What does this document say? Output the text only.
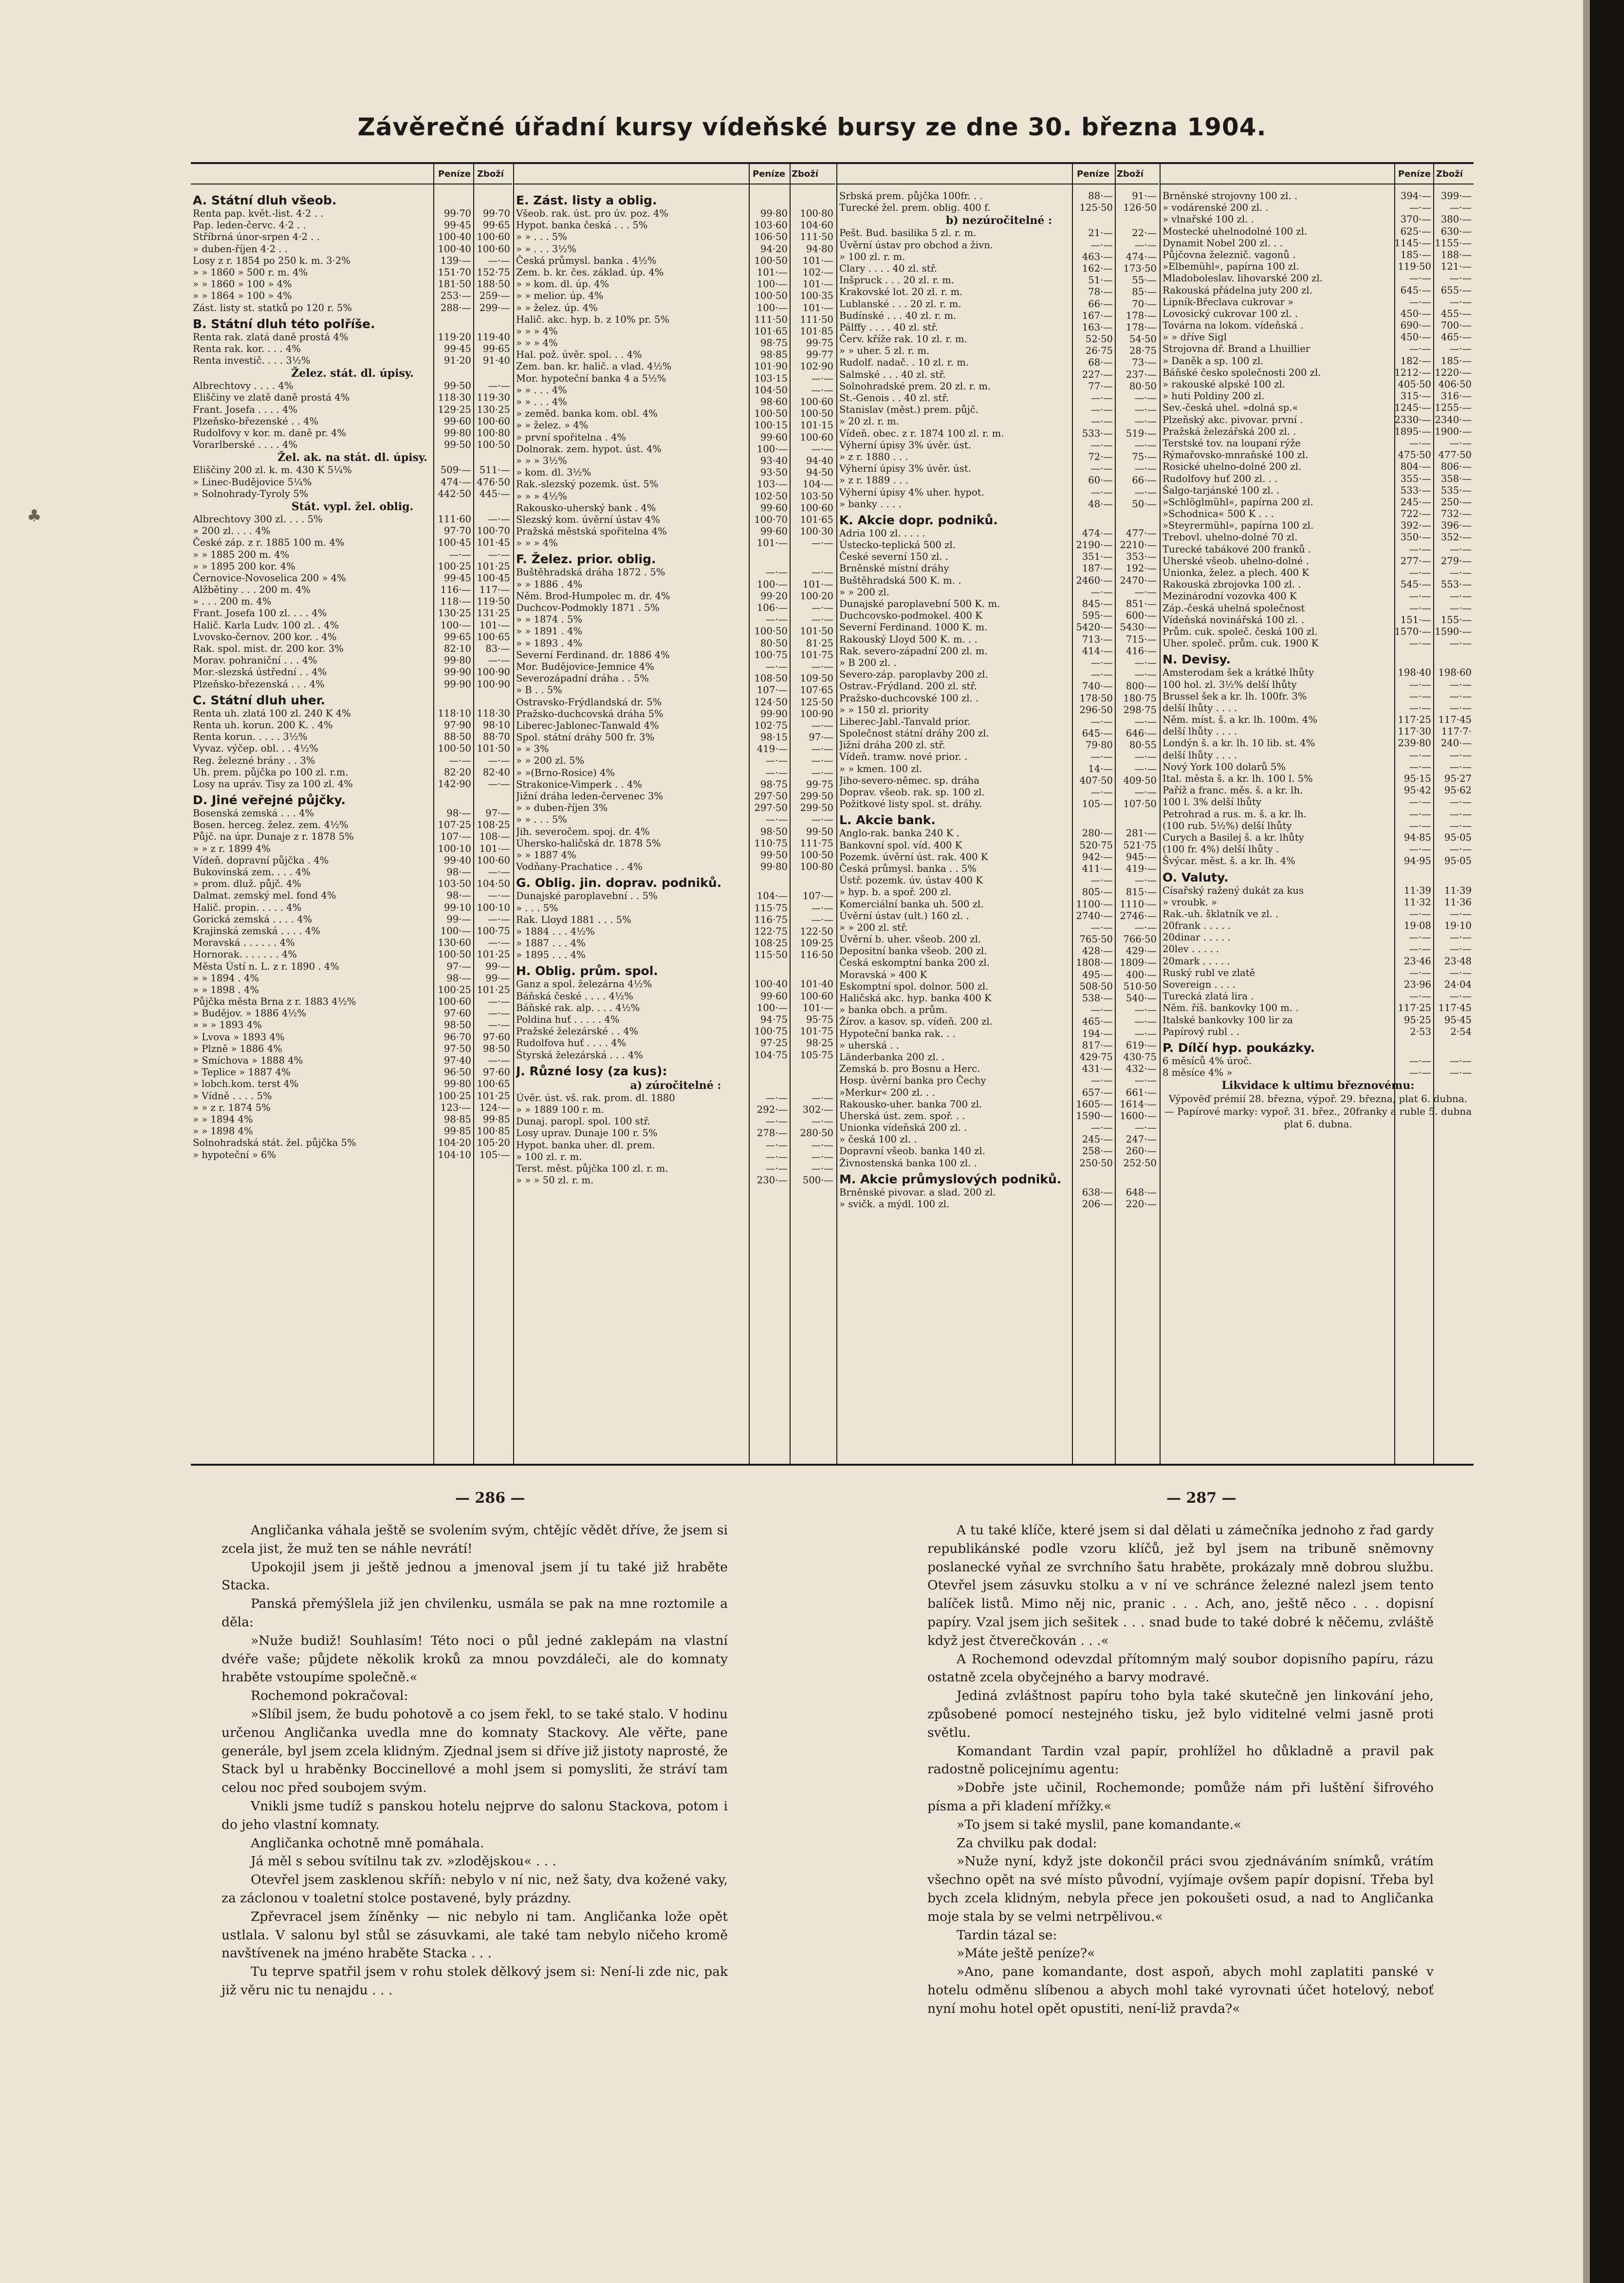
♣
Závěrečné úřadní kursy vídeňské bursy ze dne 30. března 1904.
Peníze Zboží	Peníze Zboží	Peníze Zboží	Peníze Zboží
A. Státní dluh všeob.
Renta pap. květ.-list. 4·2 . .	99·70	99·70
Pap. leden-červc. 4·2 . .	99·45	99·65
Stříbrná únor-srpen 4·2 . .	100·40 100·60
» duben-říjen 4·2 . .	100·40 100·60
Losy z r. 1854 po 250 k. m. 3·2%	139·—	—·—
» » 1860 » 500 r. m. 4%	151·70 152·75
» » 1860 » 100 » 4%	181·50 188·50
» » 1864 » 100 » 4%	253·— 259·—
Zást. listy st. statků po 120 r. 5%	288·— 299·—
B. Státní dluh této polříše.
Renta rak. zlatá daně prostá 4%	119·20 119·40
Renta rak. kor. . . . 4%	99·45	99·65
Renta investič. . . . 3½%	91·20	91·40
Želez. stát. dl. úpisy.
Albrechtovy . . . . 4%	99·50	—·—
Eliščiny ve zlatě daně prostá 4%	118·30 119·30
Frant. Josefa . . . . 4%	129·25 130·25
Plzeňsko-březenské . . 4%	99·60 100·60
Rudolfovy v kor. m. daně pr. 4%	99·80 100·80
Vorarlberské . . . . 4%	99·50 100·50
Žel. ak. na stát. dl. úpisy.
Eliščiny 200 zl. k. m. 430 K 5¼%	509·— 511·—
» Linec-Budějovice 5¼%	474·— 476·50
» Solnohrady-Tyroly 5%	442·50 445·—
Stát. vypl. žel. oblig.
Albrechtovy 300 zl. . . . 5%	111·60	—·—
» 200 zl. . . . 4%	97·70 100·70
České záp. z r. 1885 100 m. 4%	100·45 101·45
» » 1885 200 m. 4%	—·—	—·—
» » 1895 200 kor. 4%	100·25 101·25
Černovice-Novoselica 200 » 4%	99·45 100·45
Alžbětiny . . . 200 m. 4%	116·— 117·—
» . . . 200 m. 4%	118·— 119·50
Frant. Josefa 100 zl. . . . 4%	130·25 131·25
Halič. Karla Ludv. 100 zl. . 4%	100·— 101·—
Lvovsko-černov. 200 kor. . 4%	99·65 100·65
Rak. spol. mist. dr. 200 kor. 3%	82·10	83·—
Morav. pohraniční . . . 4%	99·80	—·—
Mor.-slezská ústřední . . 4%	99·90 100·90
Plzeňsko-březenská . . . 4%	99·90 100·90
C. Státní dluh uher.
Renta uh. zlatá 100 zl. 240 K 4%	118·10 118·30
Renta uh. korun. 200 K. . 4%	97·90	98·10
Renta korun. . . . . 3½%	88·50	88·70
Vyvaz. výčep. obl. . . 4½%	100·50 101·50
Reg. železné brány . . 3%	—·—	—·—
Uh. prem. půjčka po 100 zl. r.m.	82·20	82·40
Losy na upráv. Tisy za 100 zl. 4%	142·90	—·—
D. Jiné veřejné půjčky.
Bosenská zemská . . . 4%	98·—	97·—
Bosen. herceg. želez. zem. 4½%	107·25 108·25
Půjč. na úpr. Dunaje z r. 1878 5%	107·— 108·—
» » z r. 1899 4%	100·10 101·—
Vídeň. dopravní půjčka . 4%	99·40 100·60
Bukovinská zem. . . . 4%	98·—	—·—
» prom. dluž. půjč. 4%	103·50 104·50
Dalmat. zemský mel. fond 4%	98·—	—·—
Halič. propin. . . . . 4%	99·10 100·10
Gorická zemská . . . . 4%	99·—	—·—
Krajinská zemská . . . . 4%	100·— 100·75
Moravská . . . . . . 4%	130·60	—·—
Hornorak. . . . . . . 4%	100·50 101·25
Města Ústí n. L. z r. 1890 . 4%	97·—	99·—
» » 1894 . 4%	98·—	99·—
» » 1898 . 4%	100·25 101·25
Půjčka města Brna z r. 1883 4½%	100·60	—·—
» Budějov. » 1886 4½%	97·60	—·—
» » » 1893 4%	98·50	—·—
» Lvova » 1893 4%	96·70	97·60
» Plzně » 1886 4%	97·50	98·50
» Smíchova » 1888 4%	97·40	—·—
» Teplice » 1887 4%	96·50	97·60
» lobch.kom. terst 4%	99·80 100·65
» Vídně . . . . 5%	100·25 101·25
» » z r. 1874 5%	123·— 124·—
» » 1894 4%	98·85	99·85
» » 1898 4%	99·85 100·85
Solnohradská stát. žel. půjčka 5%	104·20 105·20
» hypoteční » 6%	104·10 105·—
E. Zást. listy a oblig.
Všeob. rak. úst. pro úv. poz. 4%	99·80	100·80
Hypot. banka česká . . . 5%	103·60	104·60
» » . . . 5%	106·50	111·50
» » . . . 3½%	94·20	94·80
Česká průmysl. banka . 4½%	100·50	101·—
Zem. b. kr. čes. základ. úp. 4%	101·—	102·—
» » kom. dl. úp. 4%	100·—	101·—
» » melior. úp. 4%	100·50	100·35
» » želez. úp. 4%	100·—	101·—
Halič. akc. hyp. b. z 10% pr. 5%	111·50	111·50
» » » 4%	101·65	101·85
» » » 4%	98·75	99·75
Hal. pož. úvěr. spol. . . 4%	98·85	99·77
Zem. ban. kr. halič. a vlad. 4½%	101·90	102·90
Mor. hypoteční banka 4 a 5½%	103·15	—·—
» » . . . 4%	104·50	—·—
» » . . . 4%	98·60	100·60
» zeměd. banka kom. obl. 4%	100·50	100·50
» » želez. » 4%	100·15	101·15
» první spořitelna . 4%	99·60	100·60
Dolnorak. zem. hypot. úst. 4%	100·—	—·—
» » » 3½%	93·40	94·40
» kom. dl. 3½%	93·50	94·50
Rak.-slezský pozemk. úst. 5%	103·—	104·—
» » » 4½%	102·50	103·50
Rakousko-uherský bank . 4%	99·60	100·60
Slezský kom. úvěrní ústav 4%	100·70	101·65
Pražská městská spořitelna 4%	99·60	100·30
» » » 4%	101·—	—·—
F. Želez. prior. oblig.
Buštěhradská dráha 1872 . 5%	—·—	—·—
» » 1886 . 4%	100·—	101·—
Něm. Brod-Humpolec m. dr. 4%	99·20	100·20
Duchcov-Podmokly 1871 . 5%	106·—	—·—
» » 1874 . 5%	—·—	—·—
» » 1891 . 4%	100·50	101·50
» » 1893 . 4%	80·50	81·25
Severní Ferdinand. dr. 1886 4%	100·75	101·75
Mor. Budějovice-Jemnice 4%	—·—	—·—
Severozápadní dráha . . 5%	108·50	109·50
» B . . 5%	107·—	107·65
Ostravsko-Frýdlandská dr. 5%	124·50	125·50
Pražsko-duchcovská dráha 5%	99·90	100·90
Liberec-Jablonec-Tanwald 4%	102·75	—·—
Spol. státní dráhy 500 fr. 3%	98·15	97·—
» » 3%	419·—	—·—
» » 200 zl. 5%	—·—	—·—
» »(Brno-Rosice) 4%	—·—	—·—
Strakonice-Vimperk . . 4%	98·75	99·75
Jižní dráha leden-červenec 3%	297·50	299·50
» » duben-říjen 3%	297·50	299·50
» » . . . 5%	—·—	—·—
Jih. severočem. spoj. dr. 4%	98·50	99·50
Úhersko-haličská dr. 1878 5%	110·75	111·75
» » 1887 4%	99·50	100·50
Vodňany-Prachatice . . 4%	99·80	100·80
G. Oblig. jin. doprav. podniků.
Dunajské paroplavební . . 5%	104·—	107·—
» . . . 5%	115·75	—·—
Rak. Lloyd 1881 . . . 5%	116·75	—·—
» 1884 . . . 4½%	122·75	122·50
» 1887 . . . 4%	108·25	109·25
» 1895 . . . 4%	115·50	116·50
H. Oblig. prům. spol.
Ganz a spol. železárna 4½%	100·40	101·40
Báňská české . . . . 4½%	99·60	100·60
Báňské rak. alp. . . . 4½%	100·—	101·—
Poldina huť . . . . . 4%	94·75	95·75
Pražské železárské . . 4%	100·75	101·75
Rudolfova huť . . . . 4%	97·25	98·25
Štyrská železárská . . . 4%	104·75	105·75
J. Různé losy (za kus):
a) zúročitelné :
Úvěr. úst. vš. rak. prom. dl. 1880	—·—	—·—
» » 1889 100 r. m.	292·—	302·—
Dunaj. paropl. spol. 100 stř.	—·—	—·—
Losy uprav. Dunaje 100 r. 5%	278·—	280·50
Hypot. banka uher. dl. prem.	—·—	—·—
» 100 zl. r. m.	—·—	—·—
Terst. měst. půjčka 100 zl. r. m.	—·—	—·—
» » » 50 zl. r. m.	230·—	500·—
Srbská prem. půjčka 100fr. . .	88·—	91·—
Turecké žel. prem. oblig. 400 f.	125·50	126·50
b) nezúročitelné :
Pešt. Bud. basilika 5 zl. r. m.	21·—	22·—
Úvěrní ústav pro obchod a živn.	—·—	—·—
» 100 zl. r. m.	463·—	474·—
Clary . . . . 40 zl. stř.	162·—	173·50
Inšpruck . . . 20 zl. r. m.	51·—	55·—
Krakovské lot. 20 zl. r. m.	78·—	85·—
Lublanské . . . 20 zl. r. m.	66·—	70·—
Budínské . . . 40 zl. r. m.	167·—	178·—
Pálffy . . . . 40 zl. stř.	163·—	178·—
Červ. kříže rak. 10 zl. r. m.	52·50	54·50
» » uher. 5 zl. r. m.	26·75	28·75
Rudolf. nadač. . 10 zl. r. m.	68·—	73·—
Salmské . . . 40 zl. stř.	227·—	237·—
Solnohradské prem. 20 zl. r. m.	77·—	80·50
St.-Genois . . 40 zl. stř.	—·—	—·—
Stanislav (měst.) prem. půjč.	—·—	—·—
» 20 zl. r. m.	—·—	—·—
Vídeň. obec. z r. 1874 100 zl. r. m.	533·—	519·—
Výherní úpisy 3% úvěr. úst.	—·—	—·—
» z r. 1880 . . .	72·—	75·—
Výherní úpisy 3% úvěr. úst.	—·—	—·—
» z r. 1889 . . .	60·—	66·—
Výherní úpisy 4% uher. hypot.	—·—	—·—
» banky . . . .	48·—	50·—
K. Akcie dopr. podniků.
Adria 100 zl. . . . .	474·—	477·—
Ústecko-teplická 500 zl.	2190·— 2210·—
České severní 150 zl. .	351·—	353·—
Brněnské místní dráhy	187·—	192·—
Buštěhradská 500 K. m. .	2460·— 2470·—
» » 200 zl.	—·—	—·—
Dunajské paroplavební 500 K. m.	845·—	851·—
Duchcovsko-podmokel. 400 K	595·—	600·—
Severní Ferdinand. 1000 K. m.	5420·— 5430·—
Rakouský Lloyd 500 K. m. . .	713·—	715·—
Rak. severo-západní 200 zl. m.	414·—	416·—
» B 200 zl. .	—·—	—·—
Severo-záp. paroplavby 200 zl.	—·—	—·—
Ostrav.-Frýdland. 200 zl. stř.	740·—	800·—
Pražsko-duchcovské 100 zl. .	178·50	180·75
» » 150 zl. priority	296·50	298·75
Liberec-Jabl.-Tanvald prior.	—·—	—·—
Společnost státní dráhy 200 zl.	645·—	646·—
Jižní dráha 200 zl. stř.	79·80	80·55
Vídeň. tramw. nové prior. .	—·—	—·—
» » kmen. 100 zl.	14·—	—·—
Jiho-severo-němec. sp. dráha	407·50	409·50
Doprav. všeob. rak. sp. 100 zl.	—·—	—·—
Požitkové listy spol. st. dráhy.	105·—	107·50
L. Akcie bank.
Anglo-rak. banka 240 K .	280·—	281·—
Bankovní spol. víd. 400 K	520·75	521·75
Pozemk. úvěrní úst. rak. 400 K	942·—	945·—
Česká průmysl. banka . . 5%	411·—	419·—
Ústř. pozemk. úv. ústav 400 K	—·—	—·—
» hyp. b. a spoř. 200 zl.	805·—	815·—
Komerciální banka uh. 500 zl.	1100·— 1110·—
Úvěrní ústav (ult.) 160 zl. .	2740·— 2746·—
» » 200 zl. stř.	—·—	—·—
Úvěrní b. uher. všeob. 200 zl.	765·50	766·50
Depositní banka všeob. 200 zl.	428·—	429·—
Česká eskomptní banka 200 zl.	1808·— 1809·—
Moravská » 400 K	495·—	400·—
Eskomptní spol. dolnor. 500 zl.	508·50	510·50
Haličská akc. hyp. banka 400 K	538·—	540·—
» banka obch. a prům.	—·—	—·—
Žírov. a kasov. sp. vídeň. 200 zl.	465·—	—·—
Hypoteční banka rak. . .	194·—	—·—
» uherská . .	817·—	619·—
Länderbanka 200 zl. .	429·75	430·75
Zemská b. pro Bosnu a Herc.	431·—	432·—
Hosp. úvěrní banka pro Čechy	—·—	—·—
»Merkur« 200 zl. . .	657·—	661·—
Rakousko-uher. banka 700 zl.	1605·— 1614·—
Uherská úst. zem. spoř. . .	1590·— 1600·—
Unionka vídeňská 200 zl. .	—·—	—·—
» česká 100 zl. .	245·—	247·—
Dopravní všeob. banka 140 zl.	258·—	260·—
Živnostenská banka 100 zl. .	250·50	252·50
M. Akcie průmyslových podniků.
Brněnské pivovar. a slad. 200 zl.	638·—	648·—
» svičk. a mýdl. 100 zl.	206·—	220·—
Brněnské strojovny 100 zl. .	394·—	399·—
» vodárenské 200 zl. .	—·—	—·—
» vlnařské 100 zl. .	370·—	380·—
Mostecké uhelnodolné 100 zl.	625·—	630·—
Dynamit Nobel 200 zl. . .	1145·— 1155·—
Půjčovna železnič. vagonů .	185·—	188·—
»Elbemühl«, papírna 100 zl.	119·50	121·—
Mladoboleslav. lihovarské 200 zl.	—·—	—·—
Rakouská přádelna juty 200 zl.	645·—	655·—
Lipník-Břeclava cukrovar »	—·—	—·—
Lovosický cukrovar 100 zl. .	450·—	455·—
Továrna na lokom. vídeňská .	690·—	700·—
» » dříve Sigl	450·—	465·—
Strojovna dř. Brand a Lhuillier	—·—	—·—
» Daněk a sp. 100 zl.	182·—	185·—
Báňské česko společnosti 200 zl.	1212·— 1220·—
» rakouské alpské 100 zl.	405·50 406·50
» huti Poldiny 200 zl.	315·—	316·—
Sev.-česká uhel. »dolná sp.«	1245·— 1255·—
Plzeňský akc. pivovar. první .	2330·— 2340·—
Pražská železářská 200 zl. .	1895·— 1900·—
Terstské tov. na loupaní rýže	—·—	—·—
Rýmařovsko-mnraňské 100 zl.	475·50 477·50
Rosické uhelno-dolné 200 zl.	804·—	806·—
Rudolfovy huť 200 zl. . .	355·—	358·—
Šalgo-tarjánské 100 zl. .	533·—	535·—
»Schlöglmühl«, papírna 200 zl.	245·—	250·—
»Schodnica« 500 K . . .	722·—	732·—
»Steyrermühl«, papírna 100 zl.	392·—	396·—
Trebovl. uhelno-dolné 70 zl.	350·—	352·—
Turecké tabákové 200 franků .	—·—	—·—
Uherské všeob. uhelno-dolné .	277·—	279·—
Unionka, želez. a plech. 400 K	—·—	—·—
Rakouská zbrojovka 100 zl. .	545·—	553·—
Mezinárodní vozovka 400 K	—·—	—·—
Záp.-česká uhelná společnost	—·—	—·—
Vídeňská novinářská 100 zl. .	151·—	155·—
Prům. cuk. společ. česká 100 zl.	1570·— 1590·—
Uher. společ. prům. cuk. 1900 K	—·—	—·—
N. Devisy.
Amsterodam šek a krátké lhůty	198·40 198·60
100 hol. zl. 3½% delší lhůty	—·—	—·—
Brussel šek a kr. lh. 100fr. 3%	—·—	—·—
delší lhůty . . . .	—·—	—·—
Něm. míst. š. a kr. lh. 100m. 4%	117·25 117·45
delší lhůty . . . .	117·30	117·7·
Londýn š. a kr. lh. 10 lib. st. 4%	239·80	240·—
delší lhůty . . . .	—·—	—·—
Nový York 100 dolarů 5%	—·—	—·—
Ital. města š. a kr. lh. 100 l. 5%	95·15	95·27
Paříž a franc. měs. š. a kr. lh.	95·42	95·62
100 l. 3% delší lhůty	—·—	—·—
Petrohrad a rus. m. š. a kr. lh.	—·—	—·—
(100 rub. 5½%) delší lhůty	—·—	—·—
Curych a Basilej š. a kr. lhůty	94·85	95·05
(100 fr. 4%) delší lhůty .	—·—	—·—
Švýcar. měst. š. a kr. lh. 4%	94·95	95·05
O. Valuty.
Císařský ražený dukát za kus	11·39	11·39
» vroubk. »	11·32	11·36
Rak.-uh. šklatník ve zl. .	—·—	—·—
20frank . . . . .	19·08	19·10
20dinar . . . . .	—·—	—·—
20lev . . . . .	—·—	—·—
20mark . . . . .	23·46	23·48
Ruský rubl ve zlatě	—·—	—·—
Sovereign . . . .	23·96	24·04
Turecká zlatá lira .	—·—	—·—
Něm. říš. bankovky 100 m. .	117·25 117·45
Italské bankovky 100 lir za	95·25	95·45
Papírový rubl . .	2·53	2·54
P. Dílčí hyp. poukázky.
6 měsíců 4% úroč.	—·—	—·—
8 měsíce 4% »	—·—	—·—
Likvidace k ultimu březnovému:
Výpověď prémií 28. března, výpoř. 29. března, plat 6. dubna. — Papírové marky: vypoř. 31. břez., 20franky a ruble 5. dubna plat 6. dubna.
— 286 —	— 287 —

Angličanka váhala ještě se svolením svým, chtějíc vědět dříve, že jsem si zcela jist, že muž ten se náhle nevrátí!

Upokojil jsem ji ještě jednou a jmenoval jsem jí tu také již hraběte Stacka.

Panská přemýšlela již jen chvilenku, usmála se pak na mne roztomile a děla:

»Nuže budiž! Souhlasím! Této noci o půl jedné zaklepám na vlastní dvéře vaše; půjdete několik kroků za mnou povzdáleči, ale do komnaty hraběte vstoupíme společně.«

Rochemond pokračoval:

»Slíbil jsem, že budu pohotově a co jsem řekl, to se také stalo. V hodinu určenou Angličanka uvedla mne do komnaty Stackovy. Ale věřte, pane generále, byl jsem zcela klidným. Zjednal jsem si dříve již jistoty naprosté, že Stack byl u hraběnky Boccinellové a mohl jsem si pomysliti, že stráví tam celou noc před soubojem svým.

Vnikli jsme tudíž s panskou hotelu nejprve do salonu Stackova, potom i do jeho vlastní komnaty.

Angličanka ochotně mně pomáhala.

Já měl s sebou svítilnu tak zv. »zlodějskou« . . .

Otevřel jsem zasklenou skříň: nebylo v ní nic, než šaty, dva kožené vaky, za záclonou v toaletní stolce postavené, byly prázdny.

Zpřevracel jsem žíněnky — nic nebylo ni tam. Angličanka lože opět ustlala. V salonu byl stůl se zásuvkami, ale také tam nebylo ničeho kromě navštívenek na jméno hraběte Stacka . . .

Tu teprve spatřil jsem v rohu stolek dělkový jsem si: Není-li zde nic, pak již věru nic tu nenajdu . . .

A tu také klíče, které jsem si dal dělati u zámečníka jednoho z řad gardy republikánské podle vzoru klíčů, jež byl jsem na tribuně sněmovny poslanecké vyňal ze svrchního šatu hraběte, prokázaly mně dobrou službu. Otevřel jsem zásuvku stolku a v ní ve schránce železné nalezl jsem tento balíček listů. Mimo něj nic, pranic . . . Ach, ano, ještě něco . . . dopisní papíry. Vzal jsem jich sešitek . . . snad bude to také dobré k něčemu, zvláště když jest čtverečkován . . .«

A Rochemond odevzdal přítomným malý soubor dopisního papíru, rázu ostatně zcela obyčejného a barvy modravé.

Jediná zvláštnost papíru toho byla také skutečně jen linkování jeho, způsobené pomocí nestejného tisku, jež bylo viditelné velmi jasně proti světlu.

Komandant Tardin vzal papír, prohlížel ho důkladně a pravil pak radostně policejnímu agentu:

»Dobře jste učinil, Rochemonde; pomůže nám při luštění šifrového písma a při kladení mřížky.«

»To jsem si také myslil, pane komandante.«

Za chvilku pak dodal:

»Nuže nyní, když jste dokončil práci svou zjednáváním snímků, vrátím všechno opět na své místo původní, vyjímaje ovšem papír dopisní. Třeba byl bych zcela klidným, nebyla přece jen pokoušeti osud, a nad to Angličanka moje stala by se velmi netrpělivou.«

Tardin tázal se:

»Máte ještě peníze?«

»Ano, pane komandante, dost aspoň, abych mohl zaplatiti panské v hotelu odměnu slíbenou a abych mohl také vyrovnati účet hotelový, neboť nyní mohu hotel opět opustiti, není-liž pravda?«
